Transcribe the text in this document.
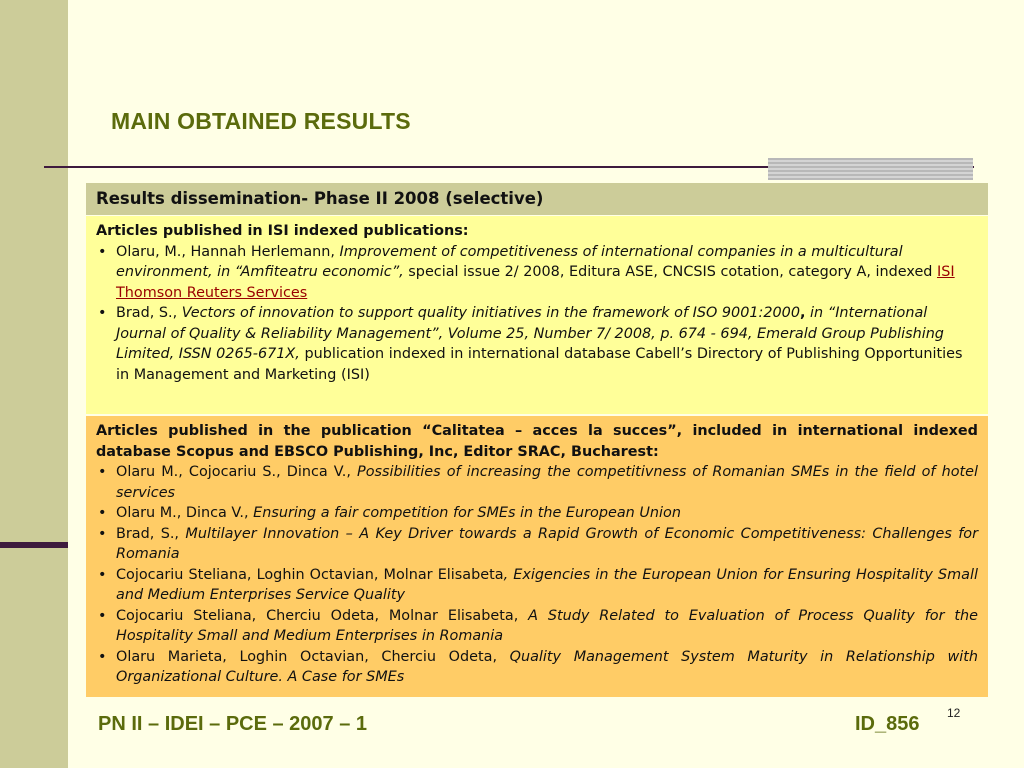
MAIN OBTAINED RESULTS
Results dissemination- Phase II 2008 (selective)
Articles published in ISI indexed publications:
• Olaru, M., Hannah Herlemann, Improvement of competitiveness of international companies in a multicultural environment, in “Amfiteatru economic”, special issue 2/ 2008, Editura ASE, CNCSIS cotation, category A, indexed ISI Thomson Reuters Services
• Brad, S., Vectors of innovation to support quality initiatives in the framework of ISO 9001:2000, in “International Journal of Quality & Reliability Management”, Volume 25, Number 7/ 2008, p. 674 - 694, Emerald Group Publishing Limited, ISSN 0265-671X, publication indexed in international database Cabell’s Directory of Publishing Opportunities in Management and Marketing (ISI)
Articles published in the publication “Calitatea – acces la succes”, included in international indexed database Scopus and EBSCO Publishing, Inc, Editor SRAC, Bucharest:
• Olaru M., Cojocariu S., Dinca V., Possibilities of increasing the competitivness of Romanian SMEs in the field of hotel services
• Olaru M., Dinca V., Ensuring a fair competition for SMEs in the European Union
• Brad, S., Multilayer Innovation – A Key Driver towards a Rapid Growth of Economic Competitiveness: Challenges for Romania
• Cojocariu Steliana, Loghin Octavian, Molnar Elisabeta, Exigencies in the European Union for Ensuring Hospitality Small and Medium Enterprises Service Quality
• Cojocariu Steliana, Cherciu Odeta, Molnar Elisabeta, A Study Related to Evaluation of Process Quality for the Hospitality Small and Medium Enterprises in Romania
• Olaru Marieta, Loghin Octavian, Cherciu Odeta, Quality Management System Maturity in Relationship with Organizational Culture. A Case for SMEs
PN II – IDEI – PCE – 2007 – 1	ID_856 12
